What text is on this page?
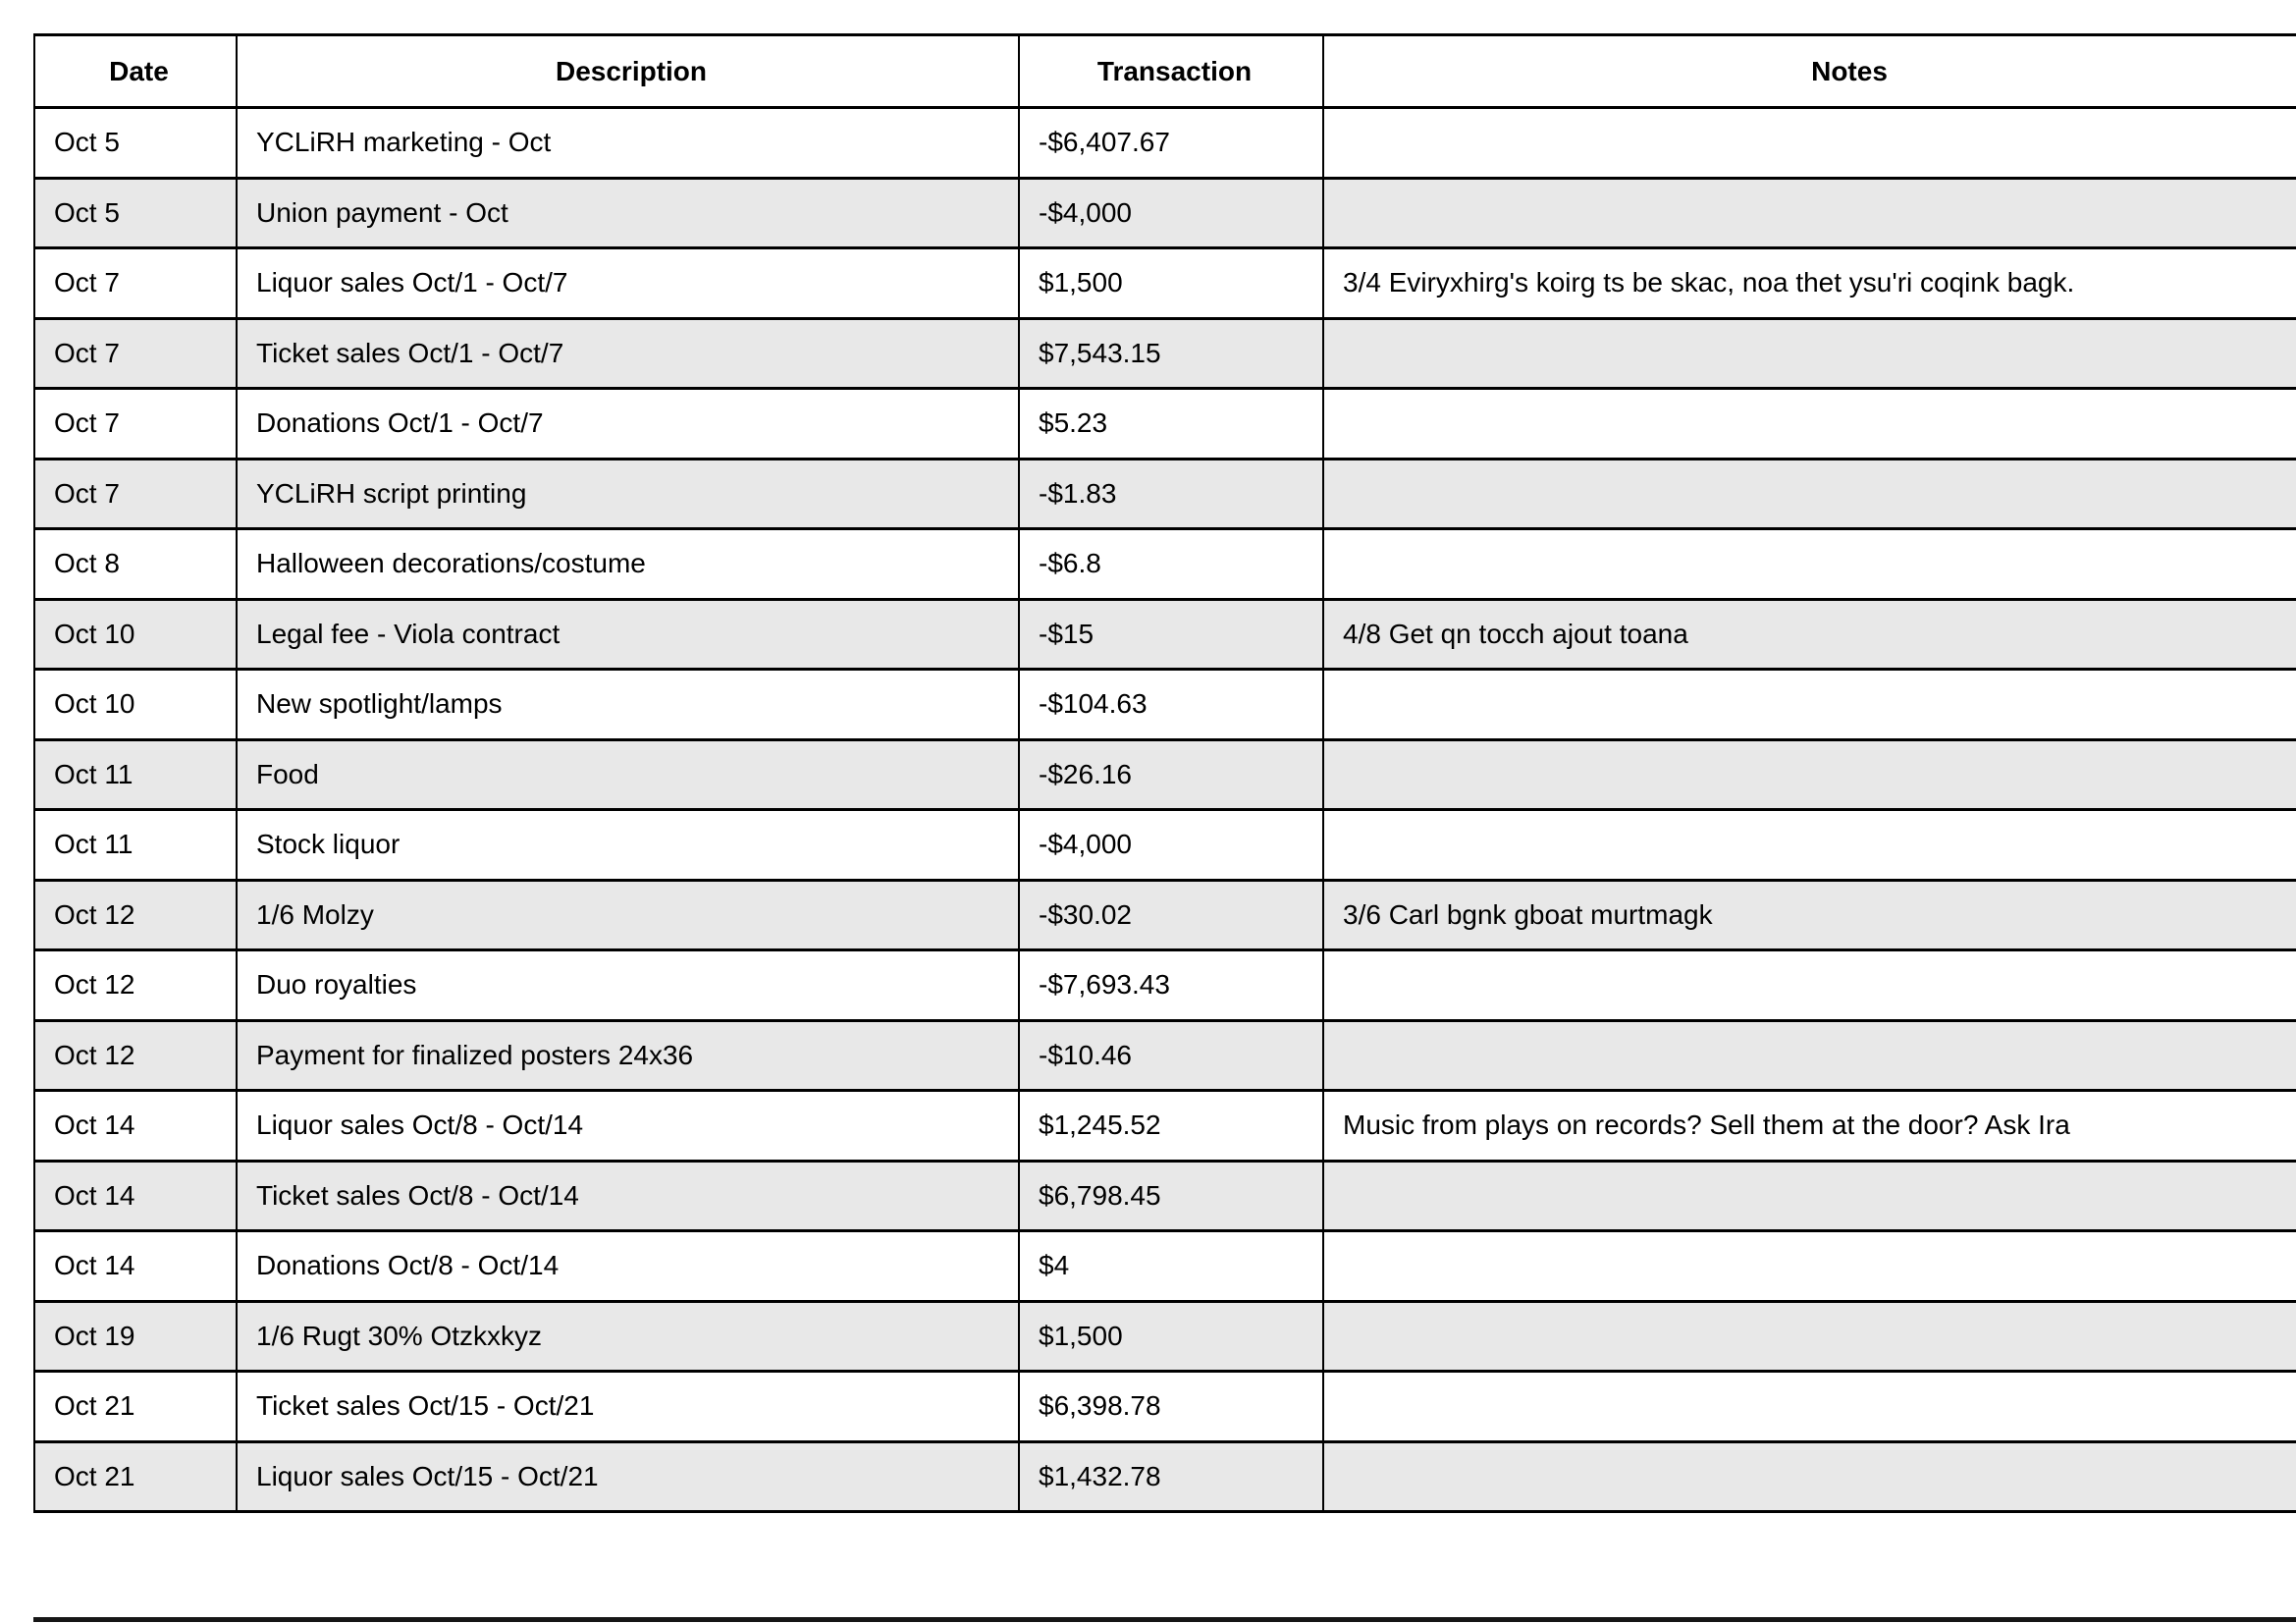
Date	Description	Transaction	Notes
Oct 5	YCLiRH marketing - Oct	-$6,407.67	
Oct 5	Union payment - Oct	-$4,000	
Oct 7	Liquor sales Oct/1 - Oct/7	$1,500	3/4 Eviryxhirg's koirg ts be skac, noa thet ysu'ri coqink bagk.
Oct 7	Ticket sales Oct/1 - Oct/7	$7,543.15	
Oct 7	Donations Oct/1 - Oct/7	$5.23	
Oct 7	YCLiRH script printing	-$1.83	
Oct 8	Halloween decorations/costume	-$6.8	
Oct 10	Legal fee - Viola contract	-$15	4/8 Get qn tocch ajout toana
Oct 10	New spotlight/lamps	-$104.63	
Oct 11	Food	-$26.16	
Oct 11	Stock liquor	-$4,000	
Oct 12	1/6 Molzy	-$30.02	3/6 Carl bgnk gboat murtmagk
Oct 12	Duo royalties	-$7,693.43	
Oct 12	Payment for finalized posters 24x36	-$10.46	
Oct 14	Liquor sales Oct/8 - Oct/14	$1,245.52	Music from plays on records? Sell them at the door? Ask Ira
Oct 14	Ticket sales Oct/8 - Oct/14	$6,798.45	
Oct 14	Donations Oct/8 - Oct/14	$4	
Oct 19	1/6 Rugt 30% Otzkxkyz	$1,500	
Oct 21	Ticket sales Oct/15 - Oct/21	$6,398.78	
Oct 21	Liquor sales Oct/15 - Oct/21	$1,432.78	
